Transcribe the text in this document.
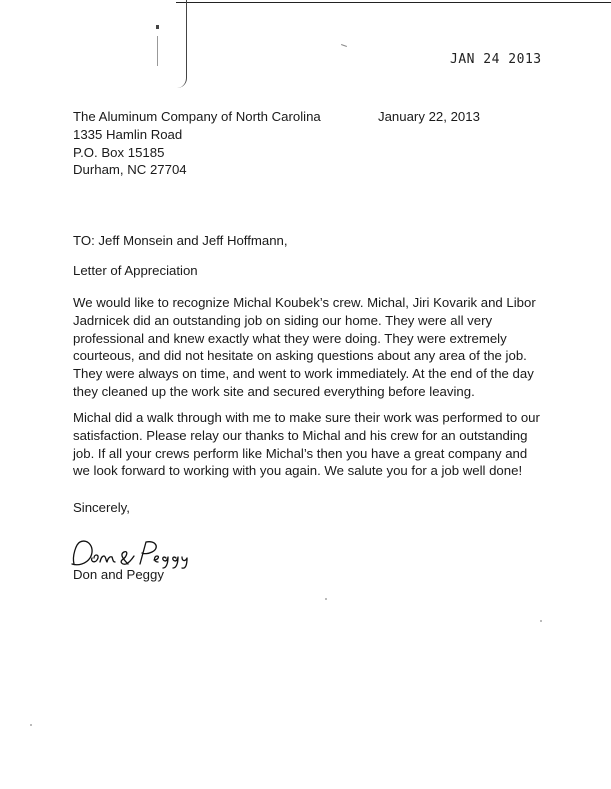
JAN 24 2013
The Aluminum Company of North Carolina
1335 Hamlin Road
P.O. Box 15185
Durham, NC 27704
January 22, 2013
TO: Jeff Monsein and Jeff Hoffmann,
Letter of Appreciation
We would like to recognize Michal Koubek’s crew. Michal, Jiri Kovarik and Libor
Jadrnicek did an outstanding job on siding our home. They were all very
professional and knew exactly what they were doing. They were extremely
courteous, and did not hesitate on asking questions about any area of the job.
They were always on time, and went to work immediately. At the end of the day
they cleaned up the work site and secured everything before leaving.
Michal did a walk through with me to make sure their work was performed to our
satisfaction. Please relay our thanks to Michal and his crew for an outstanding
job. If all your crews perform like Michal’s then you have a great company and
we look forward to working with you again. We salute you for a job well done!
Sincerely,
Don and Peggy
